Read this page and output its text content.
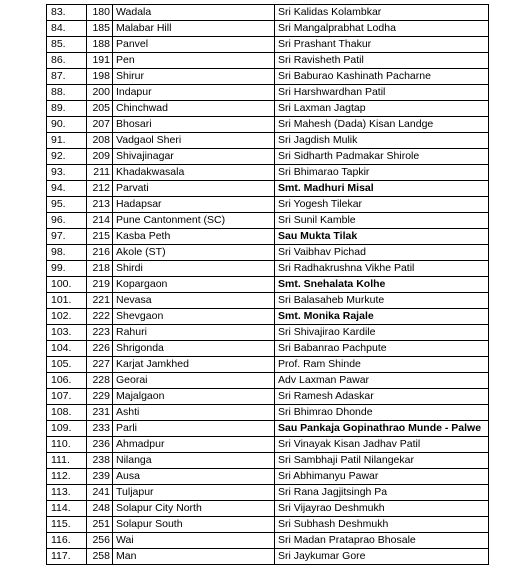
83.	180	Wadala	Sri Kalidas Kolambkar
84.	185	Malabar Hill	Sri Mangalprabhat Lodha
85.	188	Panvel	Sri Prashant Thakur
86.	191	Pen	Sri Ravisheth Patil
87.	198	Shirur	Sri Baburao Kashinath Pacharne
88.	200	Indapur	Sri Harshwardhan Patil
89.	205	Chinchwad	Sri Laxman Jagtap
90.	207	Bhosari	Sri Mahesh (Dada) Kisan Landge
91.	208	Vadgaol Sheri	Sri Jagdish Mulik
92.	209	Shivajinagar	Sri Sidharth Padmakar Shirole
93.	211	Khadakwasala	Sri Bhimarao Tapkir
94.	212	Parvati	Smt. Madhuri Misal
95.	213	Hadapsar	Sri Yogesh Tilekar
96.	214	Pune Cantonment (SC)	Sri Sunil Kamble
97.	215	Kasba Peth	Sau Mukta Tilak
98.	216	Akole (ST)	Sri Vaibhav Pichad
99.	218	Shirdi	Sri Radhakrushna Vikhe Patil
100.	219	Kopargaon	Smt. Snehalata Kolhe
101.	221	Nevasa	Sri Balasaheb Murkute
102.	222	Shevgaon	Smt. Monika Rajale
103.	223	Rahuri	Sri Shivajirao Kardile
104.	226	Shrigonda	Sri Babanrao Pachpute
105.	227	Karjat Jamkhed	Prof. Ram Shinde
106.	228	Georai	Adv Laxman Pawar
107.	229	Majalgaon	Sri Ramesh Adaskar
108.	231	Ashti	Sri Bhimrao Dhonde
109.	233	Parli	Sau Pankaja Gopinathrao Munde - Palwe
110.	236	Ahmadpur	Sri Vinayak Kisan Jadhav Patil
111.	238	Nilanga	Sri Sambhaji Patil Nilangekar
112.	239	Ausa	Sri Abhimanyu Pawar
113.	241	Tuljapur	Sri Rana Jagjitsingh Pa
114.	248	Solapur City North	Sri Vijayrao Deshmukh
115.	251	Solapur South	Sri Subhash Deshmukh
116.	256	Wai	Sri Madan Prataprao Bhosale
117.	258	Man	Sri Jaykumar Gore
